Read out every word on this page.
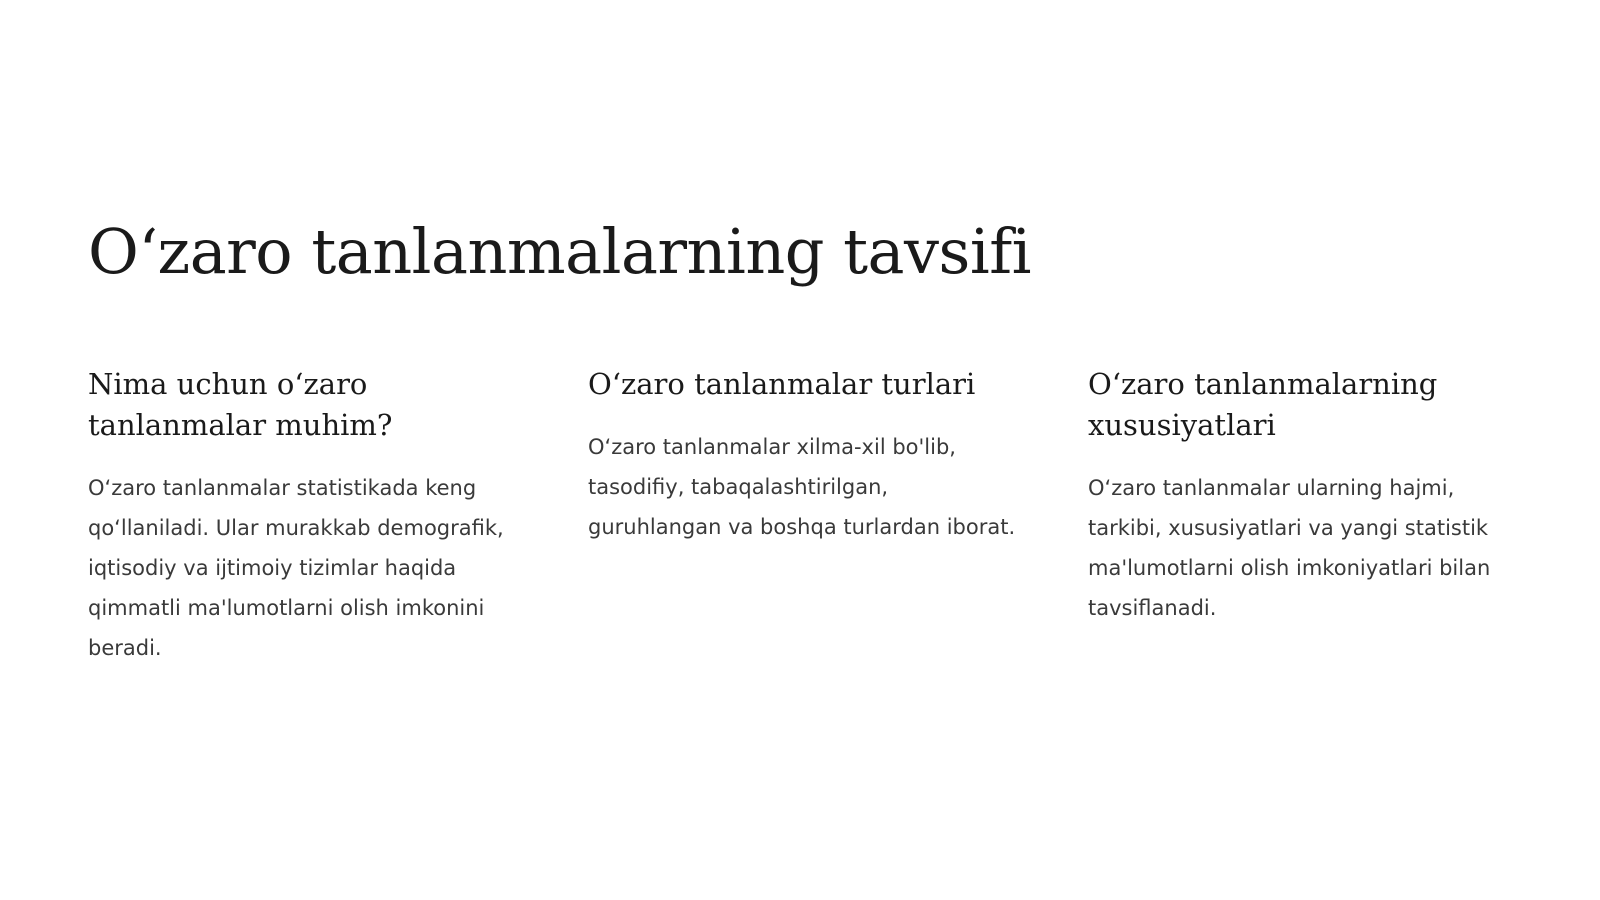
O‘zaro tanlanmalarning tavsifi
Nima uchun o‘zaro tanlanmalar muhim?

O‘zaro tanlanmalar statistikada keng qo‘llaniladi. Ular murakkab demografik, iqtisodiy va ijtimoiy tizimlar haqida qimmatli ma'lumotlarni olish imkonini beradi.

O‘zaro tanlanmalar turlari

O‘zaro tanlanmalar xilma-xil bo'lib, tasodifiy, tabaqalashtirilgan, guruhlangan va boshqa turlardan iborat.

O‘zaro tanlanmalarning xususiyatlari

O‘zaro tanlanmalar ularning hajmi, tarkibi, xususiyatlari va yangi statistik ma'lumotlarni olish imkoniyatlari bilan tavsiflanadi.
